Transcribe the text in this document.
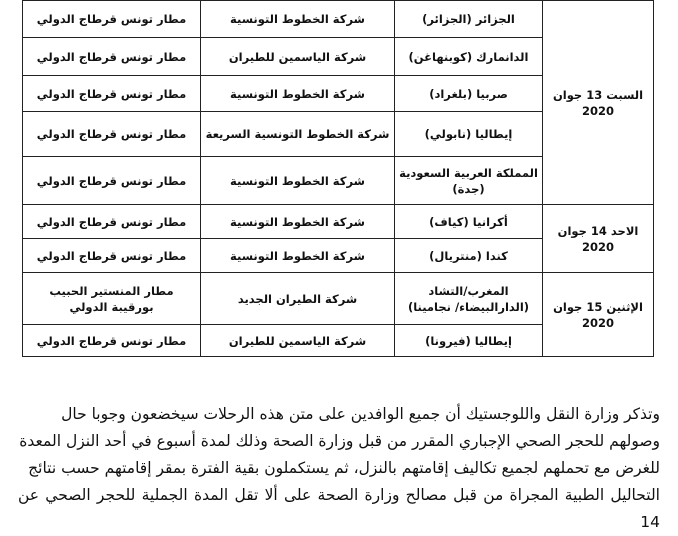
السبت 13 جوان 2020	الجزائر (الجزائر)	شركة الخطوط التونسية	مطار تونس قرطاج الدولي
	الدانمارك (كوبنهاغن)	شركة الياسمين للطيران	مطار تونس قرطاج الدولي
	صربيا (بلغراد)	شركة الخطوط التونسية	مطار تونس قرطاج الدولي
	إيطاليا (نابولي)	شركة الخطوط التونسية السريعة	مطار تونس قرطاج الدولي

	المملكة العربية السعودية (جدة)	شركة الخطوط التونسية	مطار تونس قرطاج الدولي
الاحد 14 جوان 2020	أكرانيا (كياف)	شركة الخطوط التونسية	مطار تونس قرطاج الدولي
	كندا (منتريال)	شركة الخطوط التونسية	مطار تونس قرطاج الدولي
الإثنين 15 جوان 2020	المغرب/التشاد (الدارالبيضاء/ نجامينا)	شركة الطيران الجديد	مطار المنستير الحبيب بورقيبة الدولي
	إيطاليا (فيرونا)	شركة الياسمين للطيران	مطار تونس قرطاج الدولي

وتذكر وزارة النقل واللوجستيك أن جميع الوافدين على متن هذه الرحلات سيخضعون وجوبا حال

وصولهم للحجر الصحي الإجباري المقرر من قبل وزارة الصحة وذلك لمدة أسبوع في أحد النزل المعدة

للغرض مع تحملهم لجميع تكاليف إقامتهم بالنزل، ثم يستكملون بقية الفترة بمقر إقامتهم حسب نتائج

التحاليل الطبية المجراة من قبل مصالح وزارة الصحة على ألا تقل المدة الجملية للحجر الصحي عن 14
